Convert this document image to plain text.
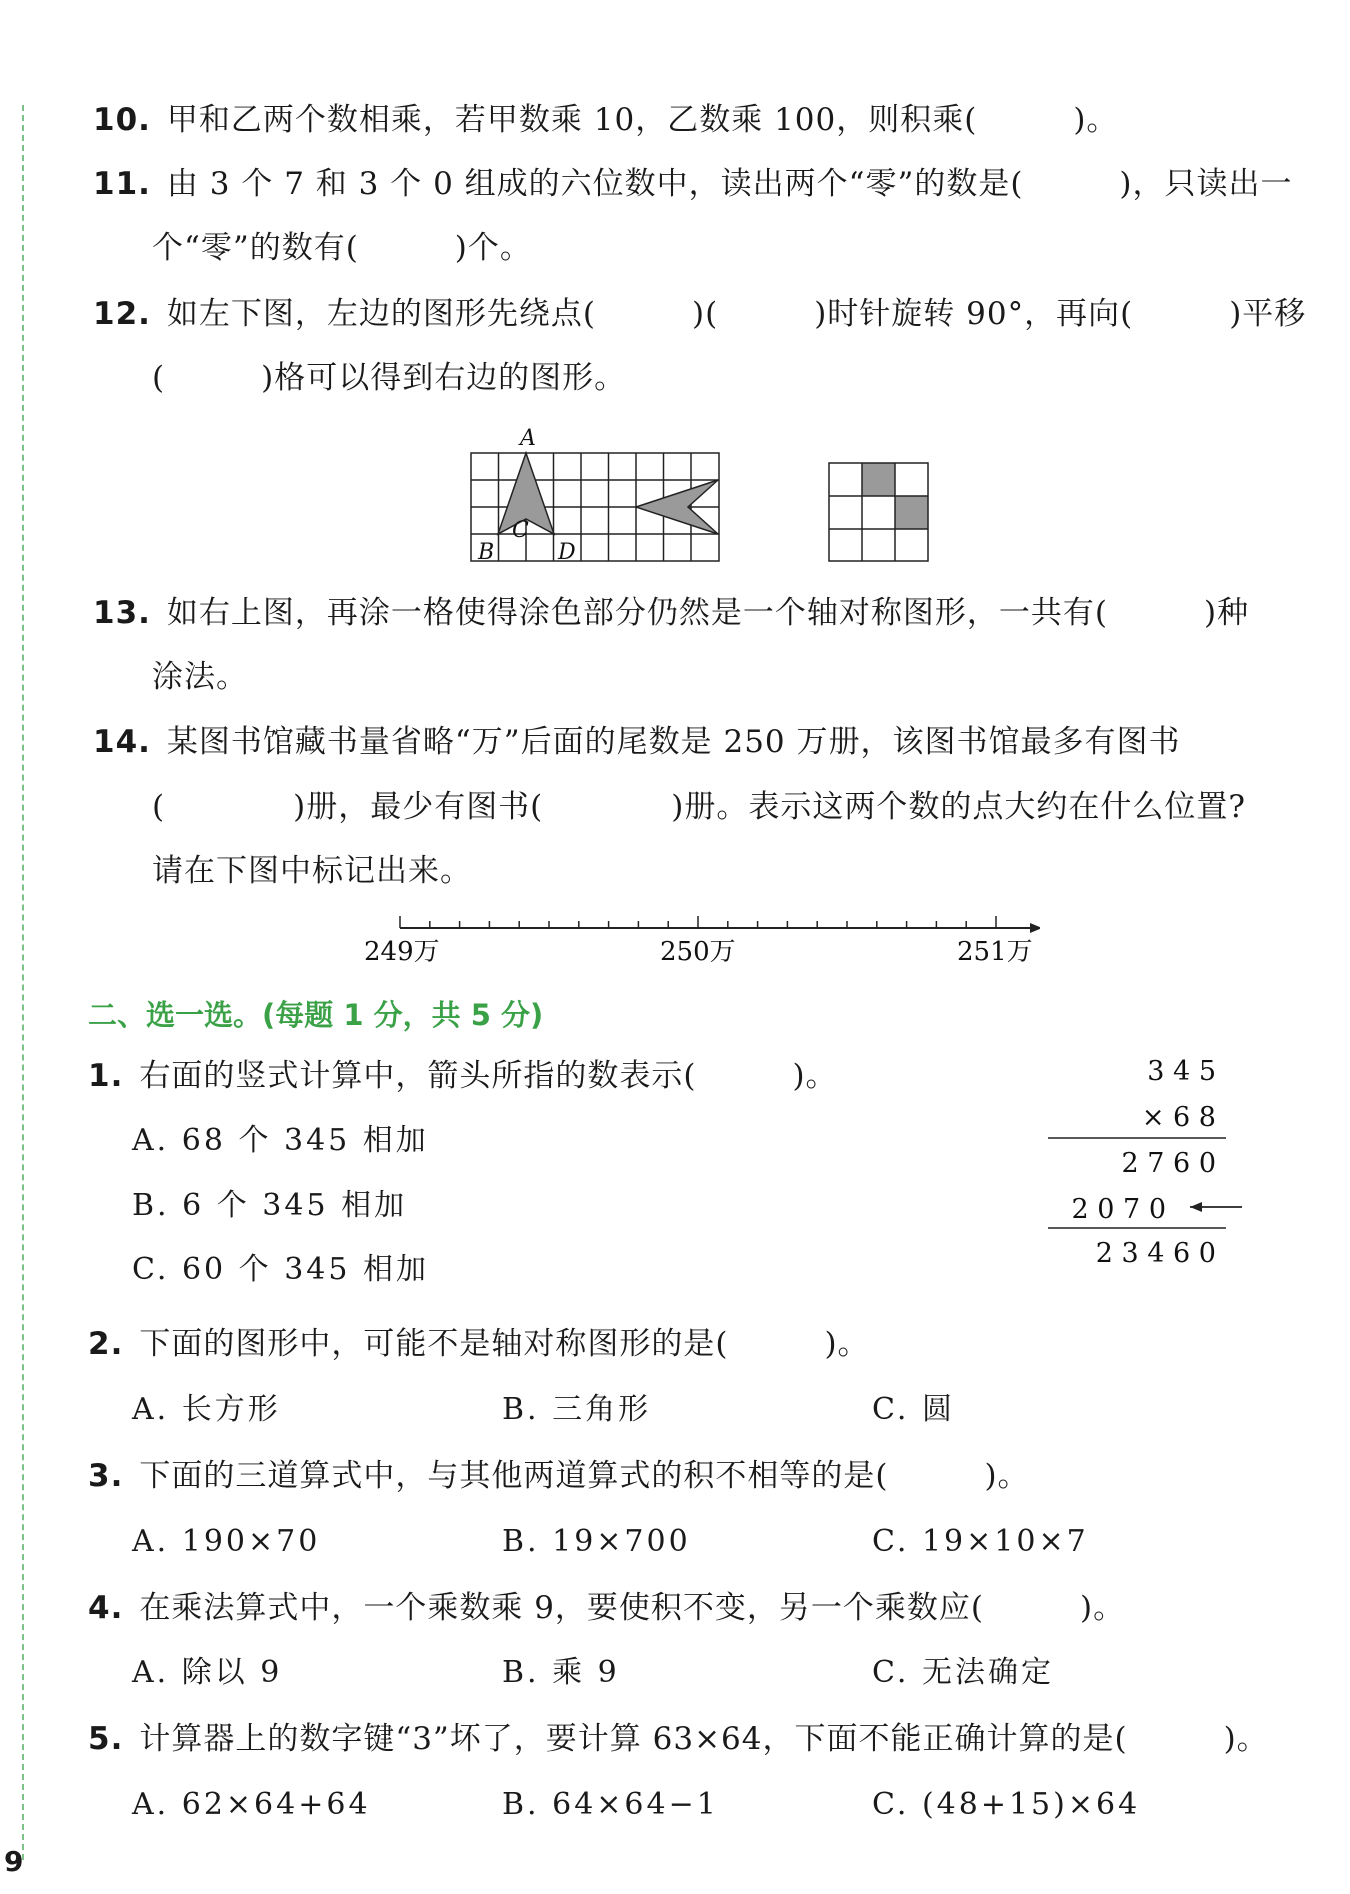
10. 甲和乙两个数相乘，若甲数乘 10，乙数乘 100，则积乘(　　　)。
11. 由 3 个 7 和 3 个 0 组成的六位数中，读出两个“零”的数是(　　　)，只读出一
个“零”的数有(　　　)个。
12. 如左下图，左边的图形先绕点(　　　)(　　　)时针旋转 90°，再向(　　　)平移
(　　　)格可以得到右边的图形。
A
B
C
D
13. 如右上图，再涂一格使得涂色部分仍然是一个轴对称图形，一共有(　　　)种
涂法。
14. 某图书馆藏书量省略“万”后面的尾数是 250 万册，该图书馆最多有图书
(　　　　)册，最少有图书(　　　　)册。表示这两个数的点大约在什么位置?
请在下图中标记出来。
249万	250万	251万
二、选一选。(每题 1 分，共 5 分)
1. 右面的竖式计算中，箭头所指的数表示(　　　)。
A. 68 个 345 相加
B. 6 个 345 相加
C. 60 个 345 相加
3 4 5
× 6 8
2 7 6 0
2 0 7 0
2 3 4 6 0
2. 下面的图形中，可能不是轴对称图形的是(　　　)。
A. 长方形	B. 三角形	C. 圆
3. 下面的三道算式中，与其他两道算式的积不相等的是(　　　)。
A. 190×70	B. 19×700	C. 19×10×7
4. 在乘法算式中，一个乘数乘 9，要使积不变，另一个乘数应(　　　)。
A. 除以 9	B. 乘 9	C. 无法确定
5. 计算器上的数字键“3”坏了，要计算 63×64，下面不能正确计算的是(　　　)。
A. 62×64+64	B. 64×64−1	C. (48+15)×64
9
